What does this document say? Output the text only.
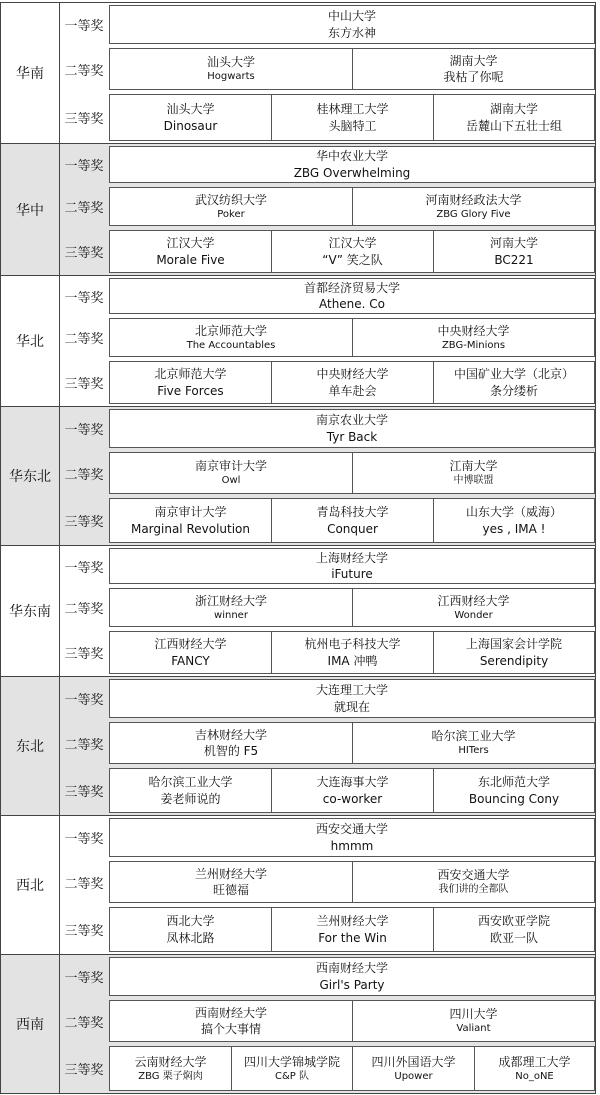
华南
一等奖
中山大学
东方水神
二等奖
汕头大学
Hogwarts
湖南大学
我枯了你呢
三等奖
汕头大学
Dinosaur
桂林理工大学
头脑特工
湖南大学
岳麓山下五壮士组
华中
一等奖
华中农业大学
ZBG Overwhelming
二等奖
武汉纺织大学
Poker
河南财经政法大学
ZBG Glory Five
三等奖
江汉大学
Morale Five
江汉大学
“V” 笑之队
河南大学
BC221
华北
一等奖
首都经济贸易大学
Athene. Co
二等奖
北京师范大学
The Accountables
中央财经大学
ZBG-Minions
三等奖
北京师范大学
Five Forces
中央财经大学
单车赴会
中国矿业大学（北京）
条分缕析
华东北
一等奖
南京农业大学
Tyr Back
二等奖
南京审计大学
Owl
江南大学
中博联盟
三等奖
南京审计大学
Marginal Revolution
青岛科技大学
Conquer
山东大学（威海）
yes , IMA !
华东南
一等奖
上海财经大学
iFuture
二等奖
浙江财经大学
winner
江西财经大学
Wonder
三等奖
江西财经大学
FANCY
杭州电子科技大学
IMA 冲鸭
上海国家会计学院
Serendipity
东北
一等奖
大连理工大学
就现在
二等奖
吉林财经大学
机智的 F5
哈尔滨工业大学
HITers
三等奖
哈尔滨工业大学
姜老师说的
大连海事大学
co-worker
东北师范大学
Bouncing Cony
西北
一等奖
西安交通大学
hmmm
二等奖
兰州财经大学
旺德福
西安交通大学
我们讲的全都队
三等奖
西北大学
凤林北路
兰州财经大学
For the Win
西安欧亚学院
欧亚一队
西南
一等奖
西南财经大学
Girl's Party
二等奖
西南财经大学
搞个大事情
四川大学
Valiant
三等奖
云南财经大学
ZBG 栗子焖肉
四川大学锦城学院
C&P 队
四川外国语大学
Upower
成都理工大学
No_oNE
